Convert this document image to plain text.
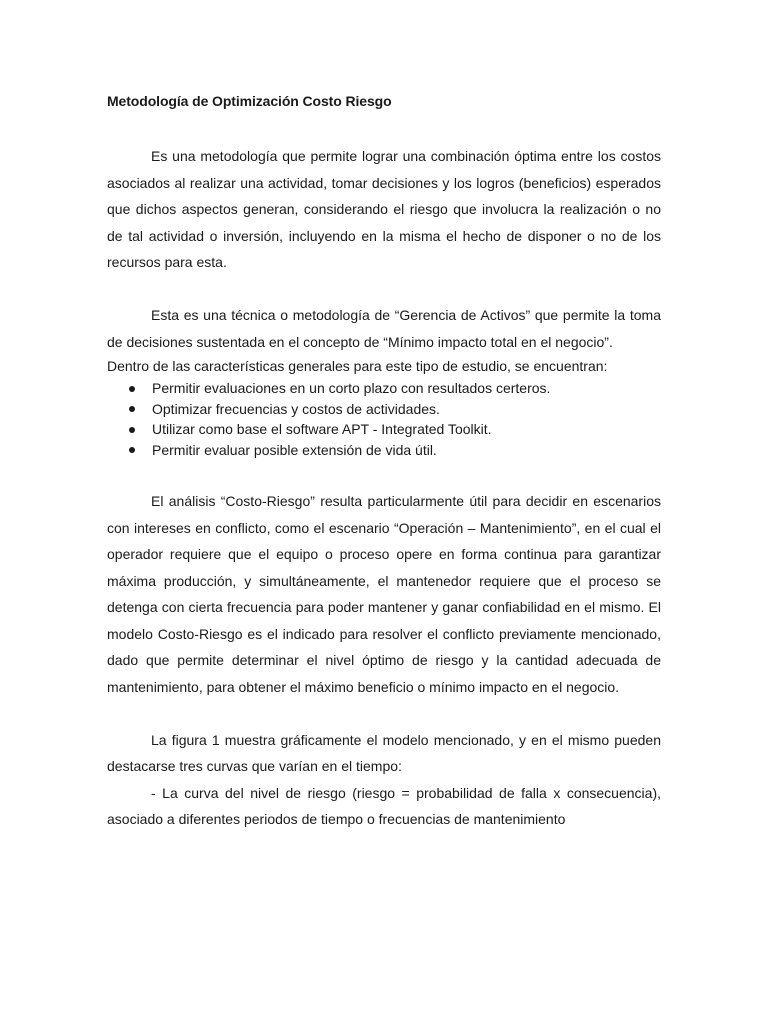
Metodología de Optimización Costo Riesgo

Es una metodología que permite lograr una combinación óptima entre los costos asociados al realizar una actividad, tomar decisiones y los logros (beneficios) esperados que dichos aspectos generan, considerando el riesgo que involucra la realización o no de tal actividad o inversión, incluyendo en la misma el hecho de disponer o no de los recursos para esta.

Esta es una técnica o metodología de “Gerencia de Activos” que permite la toma de decisiones sustentada en el concepto de “Mínimo impacto total en el negocio”.

Dentro de las características generales para este tipo de estudio, se encuentran:

Permitir evaluaciones en un corto plazo con resultados certeros.
Optimizar frecuencias y costos de actividades.
Utilizar como base el software APT - Integrated Toolkit.
Permitir evaluar posible extensión de vida útil.

El análisis “Costo-Riesgo” resulta particularmente útil para decidir en escenarios con intereses en conflicto, como el escenario “Operación – Mantenimiento”, en el cual el operador requiere que el equipo o proceso opere en forma continua para garantizar máxima producción, y simultáneamente, el mantenedor requiere que el proceso se detenga con cierta frecuencia para poder mantener y ganar confiabilidad en el mismo. El modelo Costo-Riesgo es el indicado para resolver el conflicto previamente mencionado, dado que permite determinar el nivel óptimo de riesgo y la cantidad adecuada de mantenimiento, para obtener el máximo beneficio o mínimo impacto en el negocio.

La figura 1 muestra gráficamente el modelo mencionado, y en el mismo pueden destacarse tres curvas que varían en el tiempo:

- La curva del nivel de riesgo (riesgo = probabilidad de falla x consecuencia), asociado a diferentes periodos de tiempo o frecuencias de mantenimiento
